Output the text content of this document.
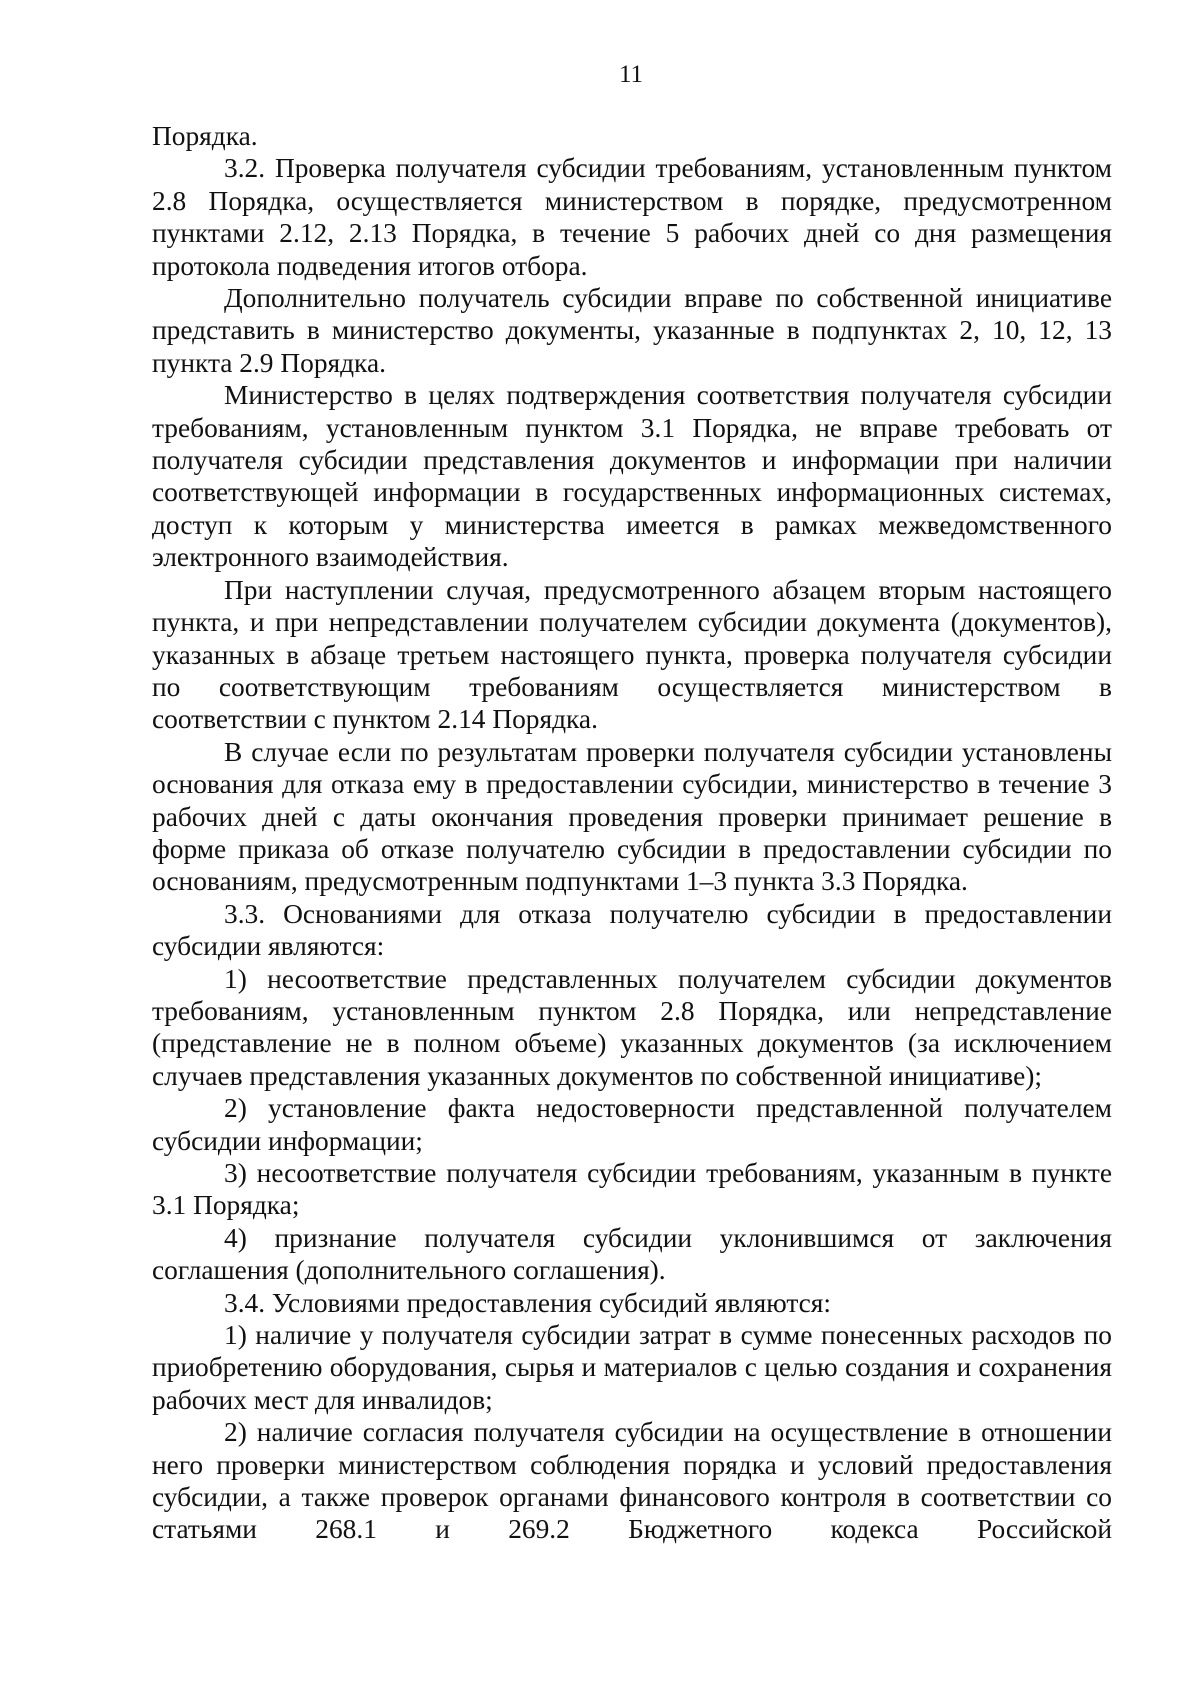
11

Порядка.

3.2. Проверка получателя субсидии требованиям, установленным пунктом 2.8 Порядка, осуществляется министерством в порядке, предусмотренном пунктами 2.12, 2.13 Порядка, в течение 5 рабочих дней со дня размещения протокола подведения итогов отбора.

Дополнительно получатель субсидии вправе по собственной инициативе представить в министерство документы, указанные в подпунктах 2, 10, 12, 13 пункта 2.9 Порядка.

Министерство в целях подтверждения соответствия получателя субсидии требованиям, установленным пунктом 3.1 Порядка, не вправе требовать от получателя субсидии представления документов и информации при наличии соответствующей информации в государственных информационных системах, доступ к которым у министерства имеется в рамках межведомственного электронного взаимодействия.

При наступлении случая, предусмотренного абзацем вторым настоящего пункта, и при непредставлении получателем субсидии документа (документов), указанных в абзаце третьем настоящего пункта, проверка получателя субсидии по соответствующим требованиям осуществляется министерством в соответствии с пунктом 2.14 Порядка.

В случае если по результатам проверки получателя субсидии установлены основания для отказа ему в предоставлении субсидии, министерство в течение 3 рабочих дней с даты окончания проведения проверки принимает решение в форме приказа об отказе получателю субсидии в предоставлении субсидии по основаниям, предусмотренным подпунктами 1–3 пункта 3.3 Порядка.

3.3. Основаниями для отказа получателю субсидии в предоставлении субсидии являются:

1) несоответствие представленных получателем субсидии документов требованиям, установленным пунктом 2.8 Порядка, или непредставление (представление не в полном объеме) указанных документов (за исключением случаев представления указанных документов по собственной инициативе);

2) установление факта недостоверности представленной получателем субсидии информации;

3) несоответствие получателя субсидии требованиям, указанным в пункте 3.1 Порядка;

4) признание получателя субсидии уклонившимся от заключения соглашения (дополнительного соглашения).

3.4. Условиями предоставления субсидий являются:

1) наличие у получателя субсидии затрат в сумме понесенных расходов по приобретению оборудования, сырья и материалов с целью создания и сохранения рабочих мест для инвалидов;

2) наличие согласия получателя субсидии на осуществление в отношении него проверки министерством соблюдения порядка и условий предоставления субсидии, а также проверок органами финансового контроля в соответствии со статьями 268.1 и 269.2 Бюджетного кодекса Российской
